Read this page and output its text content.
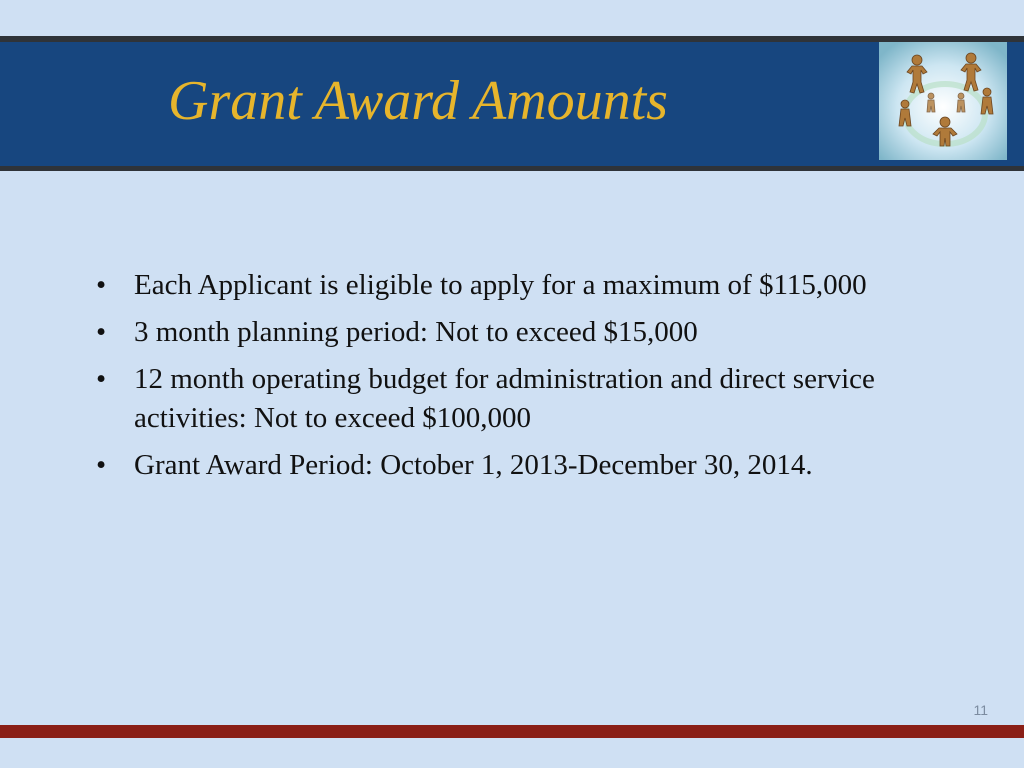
Grant Award Amounts
• Each Applicant is eligible to apply for a maximum of $115,000
• 3 month planning period: Not to exceed $15,000
• 12 month operating budget for administration and direct service activities: Not to exceed $100,000
• Grant Award Period: October 1, 2013-December 30, 2014.
11
